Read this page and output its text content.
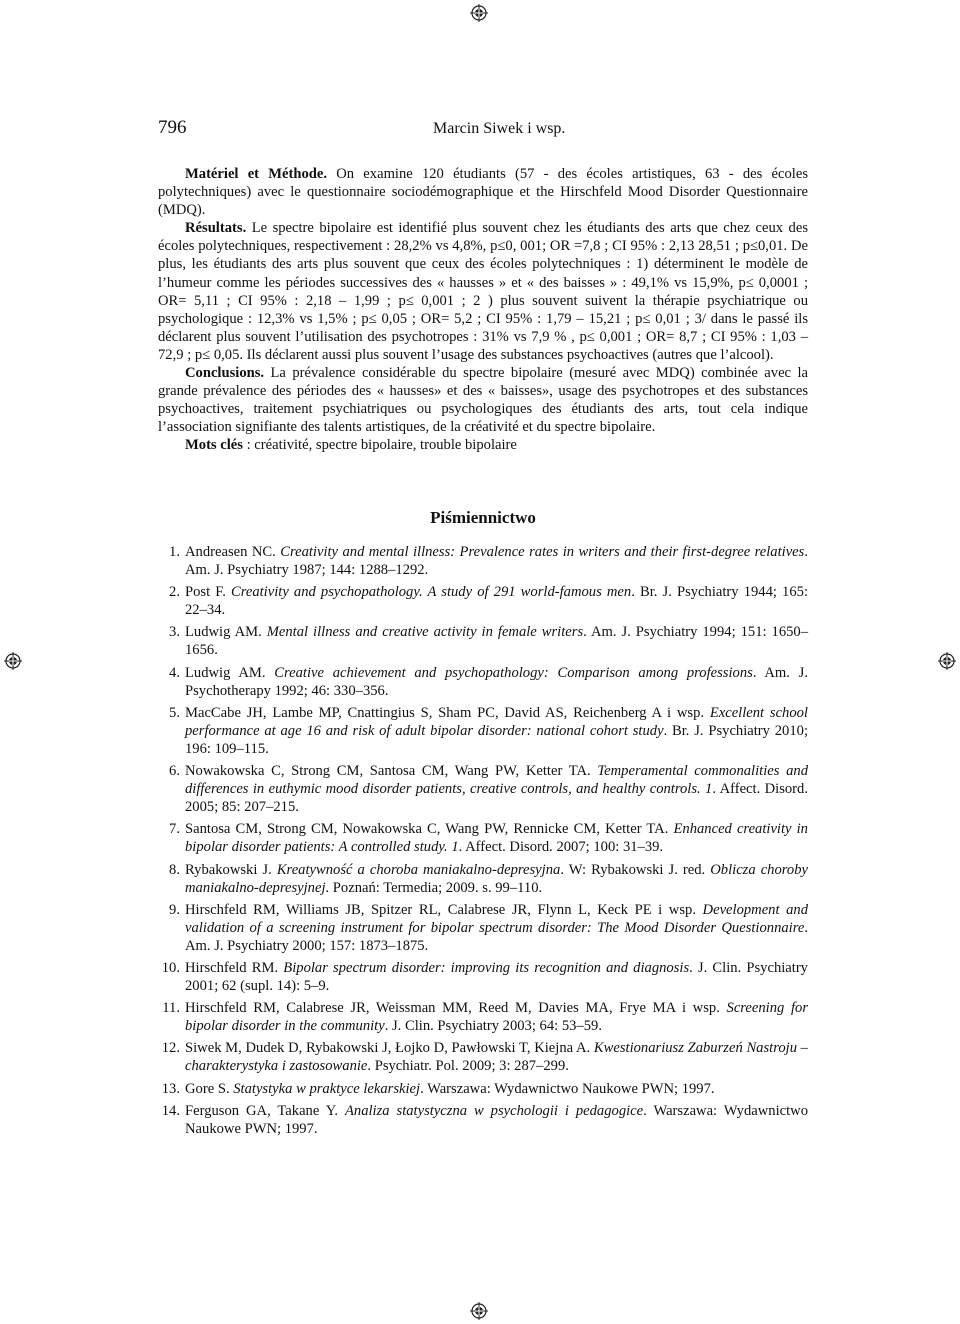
796	Marcin Siwek i wsp.

Matériel et Méthode. On examine 120 étudiants (57 - des écoles artistiques, 63 - des écoles polytechniques) avec le questionnaire sociodémographique et the Hirschfeld Mood Disorder Questionnaire (MDQ).

Résultats. Le spectre bipolaire est identifié plus souvent chez les étudiants des arts que chez ceux des écoles polytechniques, respectivement : 28,2% vs 4,8%, p≤0, 001; OR =7,8 ; CI 95% : 2,13 28,51 ; p≤0,01. De plus, les étudiants des arts plus souvent que ceux des écoles polytechniques : 1) déterminent le modèle de l’humeur comme les périodes successives des « hausses » et « des baisses » : 49,1% vs 15,9%, p≤ 0,0001 ; OR= 5,11 ; CI 95% : 2,18 – 1,99 ; p≤ 0,001 ; 2 ) plus souvent suivent la thérapie psychiatrique ou psychologique : 12,3% vs 1,5% ; p≤ 0,05 ; OR= 5,2 ; CI 95% : 1,79 – 15,21 ; p≤ 0,01 ; 3/ dans le passé ils déclarent plus souvent l’utilisation des psychotropes : 31% vs 7,9 % , p≤ 0,001 ; OR= 8,7 ; CI 95% : 1,03 – 72,9 ; p≤ 0,05. Ils déclarent aussi plus souvent l’usage des substances psychoactives (autres que l’alcool).

Conclusions. La prévalence considérable du spectre bipolaire (mesuré avec MDQ) combinée avec la grande prévalence des périodes des « hausses» et des « baisses», usage des psychotropes et des substances psychoactives, traitement psychiatriques ou psychologiques des étudiants des arts, tout cela indique l’association signifiante des talents artistiques, de la créativité et du spectre bipolaire.

Mots clés : créativité, spectre bipolaire, trouble bipolaire

Piśmiennictwo
1. Andreasen NC. Creativity and mental illness: Prevalence rates in writers and their first-degree relatives. Am. J. Psychiatry 1987; 144: 1288–1292.
2. Post F. Creativity and psychopathology. A study of 291 world-famous men. Br. J. Psychiatry 1944; 165: 22–34.
3. Ludwig AM. Mental illness and creative activity in female writers. Am. J. Psychiatry 1994; 151: 1650–1656.
4. Ludwig AM. Creative achievement and psychopathology: Comparison among professions. Am. J. Psychotherapy 1992; 46: 330–356.
5. MacCabe JH, Lambe MP, Cnattingius S, Sham PC, David AS, Reichenberg A i wsp. Excellent school performance at age 16 and risk of adult bipolar disorder: national cohort study. Br. J. Psychiatry 2010; 196: 109–115.
6. Nowakowska C, Strong CM, Santosa CM, Wang PW, Ketter TA. Temperamental commonalities and differences in euthymic mood disorder patients, creative controls, and healthy controls. 1. Affect. Disord. 2005; 85: 207–215.
7. Santosa CM, Strong CM, Nowakowska C, Wang PW, Rennicke CM, Ketter TA. Enhanced creativity in bipolar disorder patients: A controlled study. 1. Affect. Disord. 2007; 100: 31–39.
8. Rybakowski J. Kreatywność a choroba maniakalno-depresyjna. W: Rybakowski J. red. Oblicza choroby maniakalno-depresyjnej. Poznań: Termedia; 2009. s. 99–110.
9. Hirschfeld RM, Williams JB, Spitzer RL, Calabrese JR, Flynn L, Keck PE i wsp. Development and validation of a screening instrument for bipolar spectrum disorder: The Mood Disorder Questionnaire. Am. J. Psychiatry 2000; 157: 1873–1875.
10. Hirschfeld RM. Bipolar spectrum disorder: improving its recognition and diagnosis. J. Clin. Psychiatry 2001; 62 (supl. 14): 5–9.
11. Hirschfeld RM, Calabrese JR, Weissman MM, Reed M, Davies MA, Frye MA i wsp. Screening for bipolar disorder in the community. J. Clin. Psychiatry 2003; 64: 53–59.
12. Siwek M, Dudek D, Rybakowski J, Łojko D, Pawłowski T, Kiejna A. Kwestionariusz Zaburzeń Nastroju – charakterystyka i zastosowanie. Psychiatr. Pol. 2009; 3: 287–299.
13. Gore S. Statystyka w praktyce lekarskiej. Warszawa: Wydawnictwo Naukowe PWN; 1997.
14. Ferguson GA, Takane Y. Analiza statystyczna w psychologii i pedagogice. Warszawa: Wydawnictwo Naukowe PWN; 1997.
